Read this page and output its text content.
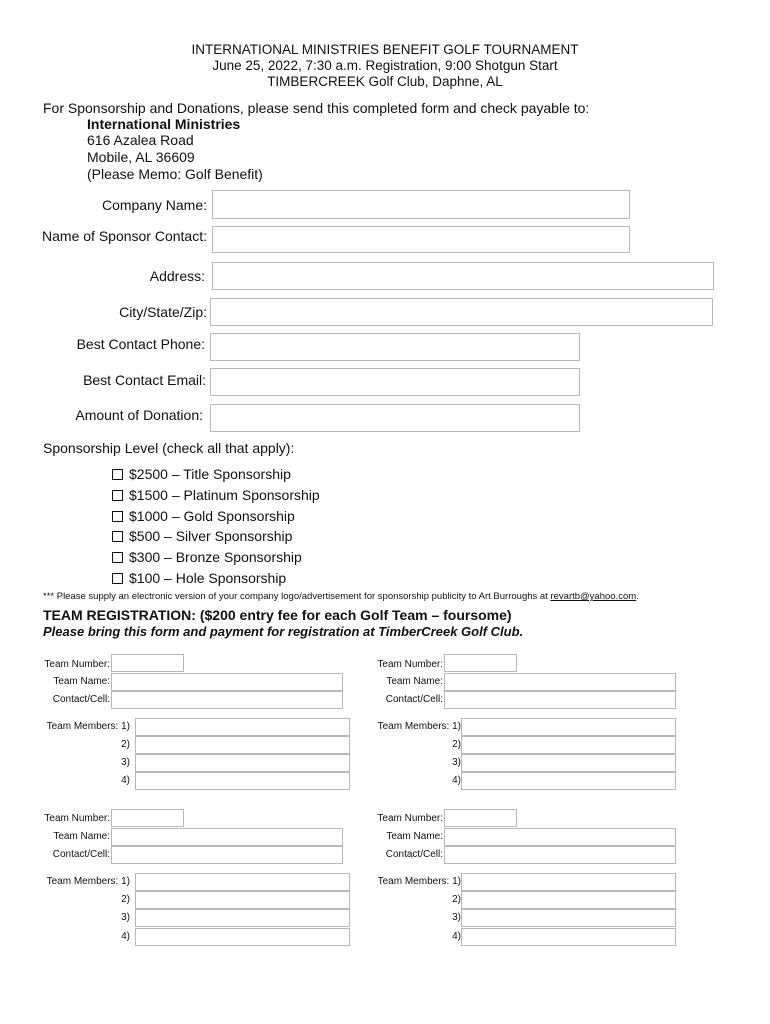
INTERNATIONAL MINISTRIES BENEFIT GOLF TOURNAMENT
June 25, 2022, 7:30 a.m. Registration, 9:00 Shotgun Start
TIMBERCREEK Golf Club, Daphne, AL
For Sponsorship and Donations, please send this completed form and check payable to:
International Ministries
616 Azalea Road
Mobile, AL 36609
(Please Memo: Golf Benefit)
Company Name:
Name of Sponsor Contact:
Address:
City/State/Zip:
Best Contact Phone:
Best Contact Email:
Amount of Donation:
Sponsorship Level (check all that apply):
$2500 – Title Sponsorship
$1500 – Platinum Sponsorship
$1000 – Gold Sponsorship
$500 – Silver Sponsorship
$300 – Bronze Sponsorship
$100 – Hole Sponsorship
*** Please supply an electronic version of your company logo/advertisement for sponsorship publicity to Art Burroughs at revartb@yahoo.com.
TEAM REGISTRATION: ($200 entry fee for each Golf Team – foursome)
Please bring this form and payment for registration at TimberCreek Golf Club.
Team Number:
Team Name:
Contact/Cell:
Team Members: 1)
2)
3)
4)
Team Number:
Team Name:
Contact/Cell:
Team Members: 1)
2)
3)
4)
Team Number:
Team Name:
Contact/Cell:
Team Members: 1)
2)
3)
4)
Team Number:
Team Name:
Contact/Cell:
Team Members: 1)
2)
3)
4)
